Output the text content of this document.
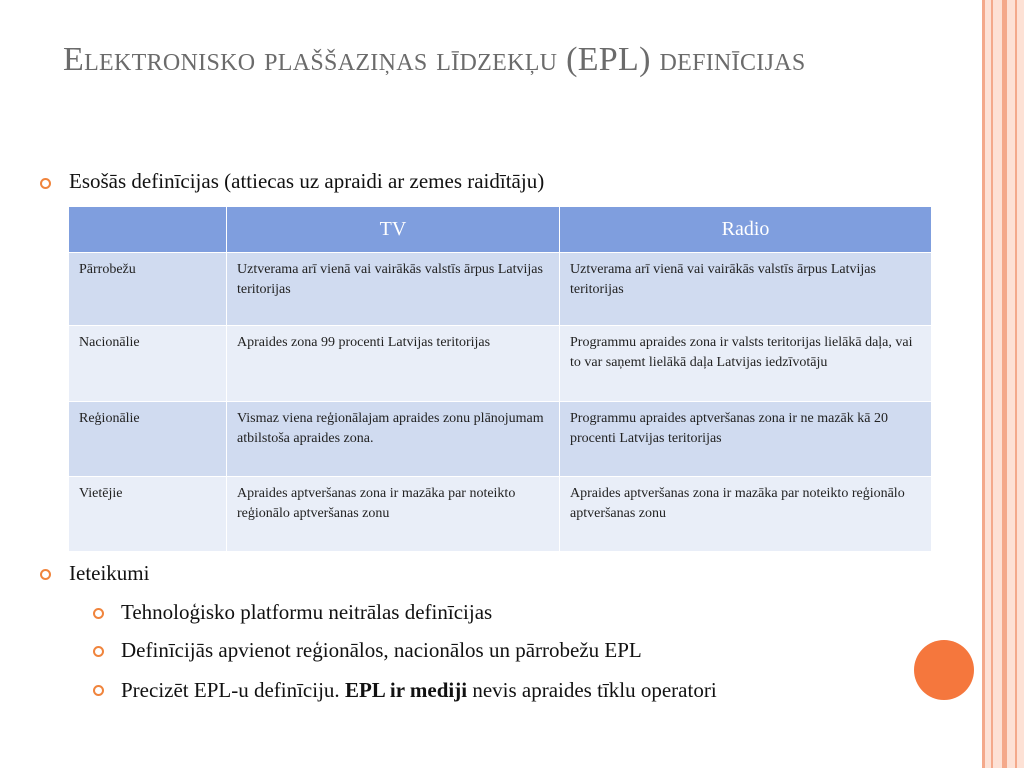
Elektronisko plaššaziņas līdzekļu (EPL) definīcijas
Esošās definīcijas (attiecas uz apraidi ar zemes raidītāju)
	TV	Radio
Pārrobežu	Uztverama arī vienā vai vairākās valstīs ārpus Latvijas teritorijas	Uztverama arī vienā vai vairākās valstīs ārpus Latvijas teritorijas
Nacionālie	Apraides zona 99 procenti Latvijas teritorijas	Programmu apraides zona ir valsts teritorijas lielākā daļa, vai to var saņemt lielākā daļa Latvijas iedzīvotāju
Reģionālie	Vismaz viena reģionālajam apraides zonu plānojumam atbilstoša apraides zona.	Programmu apraides aptveršanas zona ir ne mazāk kā 20 procenti Latvijas teritorijas
Vietējie	Apraides aptveršanas zona ir mazāka par noteikto reģionālo aptveršanas zonu	Apraides aptveršanas zona ir mazāka par noteikto reģionālo aptveršanas zonu
Ieteikumi
Tehnoloģisko platformu neitrālas definīcijas
Definīcijās apvienot reģionālos, nacionālos un pārrobežu EPL
Precizēt EPL-u definīciju. EPL ir mediji nevis apraides tīklu operatori
